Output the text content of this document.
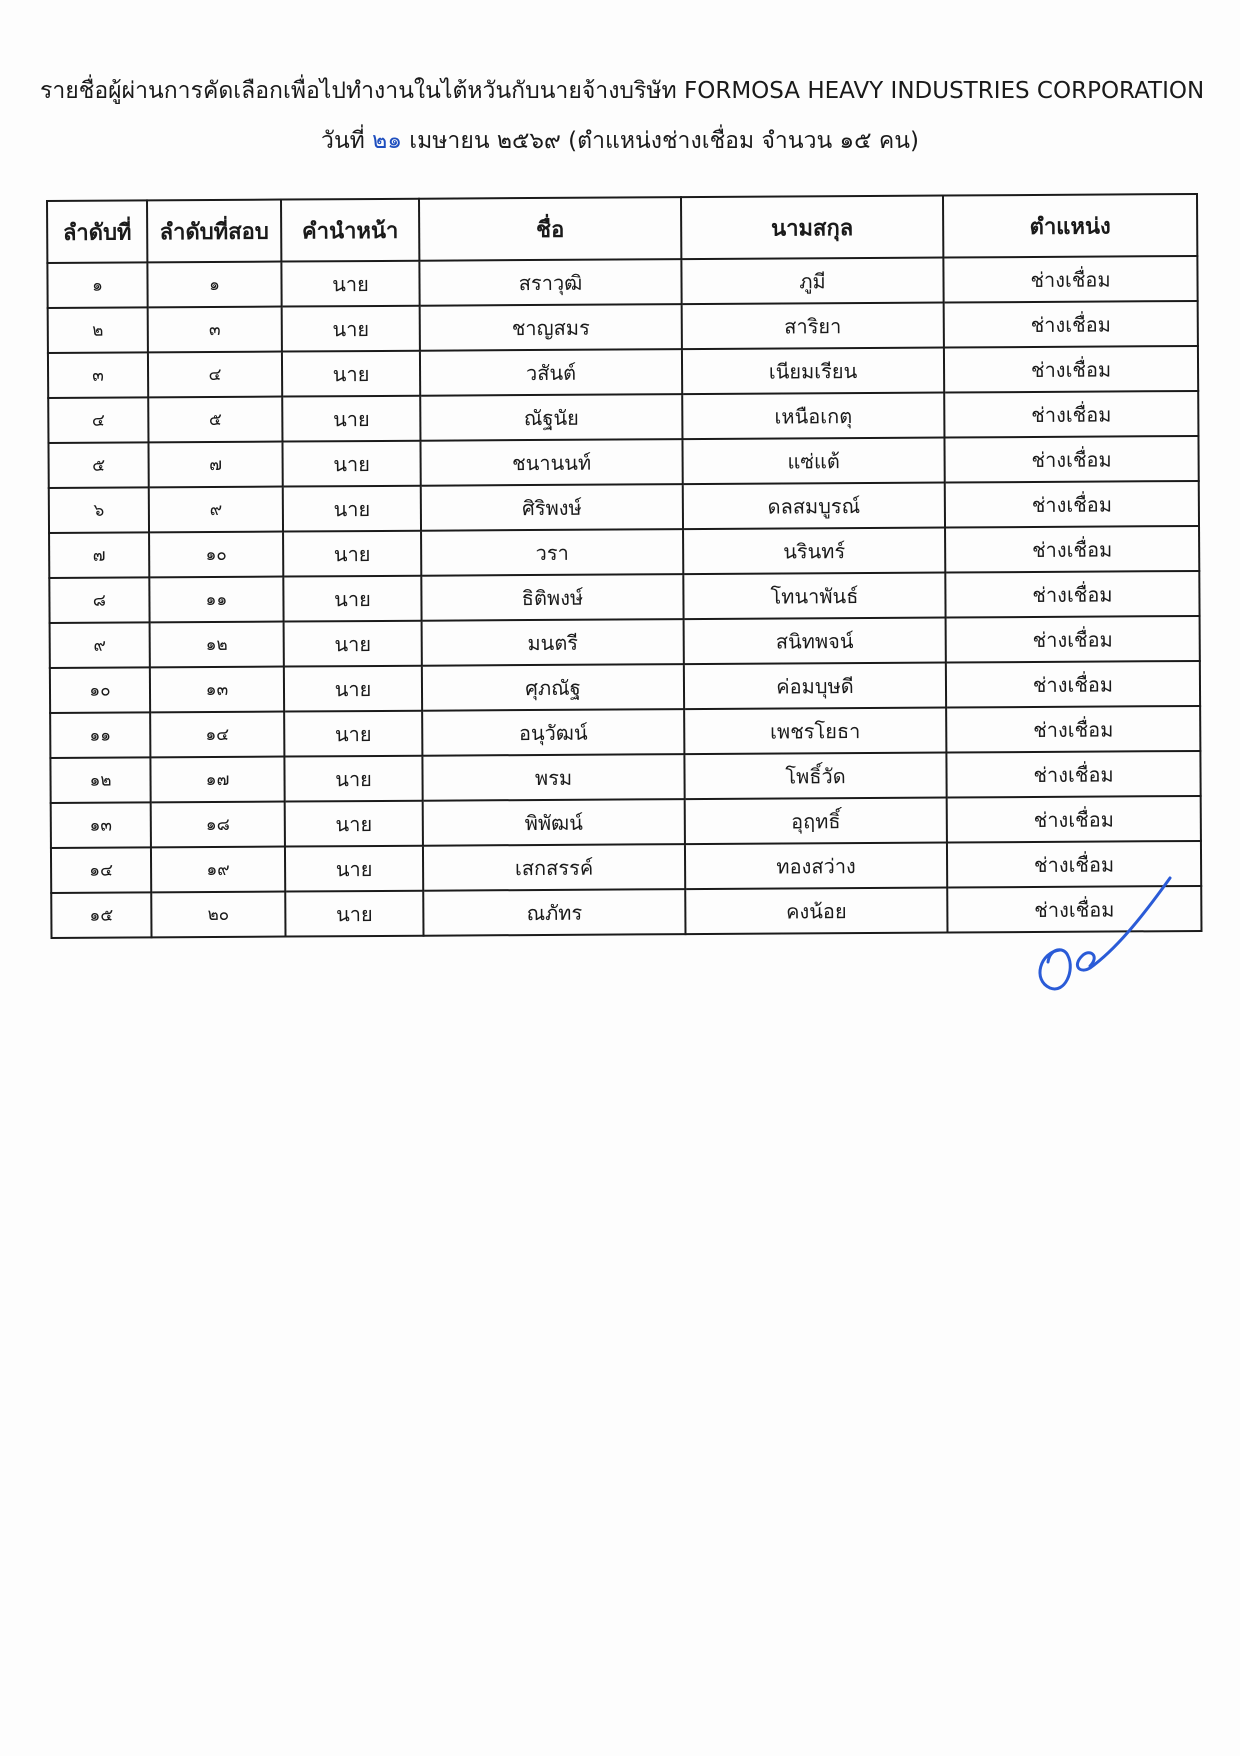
รายชื่อผู้ผ่านการคัดเลือกเพื่อไปทำงานในไต้หวันกับนายจ้างบริษัท FORMOSA HEAVY INDUSTRIES CORPORATION
วันที่ ๒๑ เมษายน ๒๕๖๙ (ตำแหน่งช่างเชื่อม จำนวน ๑๕ คน)
ลำดับที่	ลำดับที่สอบ	คำนำหน้า	ชื่อ	นามสกุล	ตำแหน่ง
๑	๑	นาย	สราวุฒิ	ภูมี	ช่างเชื่อม
๒	๓	นาย	ชาญสมร	สาริยา	ช่างเชื่อม
๓	๔	นาย	วสันต์	เนียมเรียน	ช่างเชื่อม
๔	๕	นาย	ณัฐนัย	เหนือเกตุ	ช่างเชื่อม
๕	๗	นาย	ชนานนท์	แซ่แต้	ช่างเชื่อม
๖	๙	นาย	ศิริพงษ์	ดลสมบูรณ์	ช่างเชื่อม
๗	๑๐	นาย	วรา	นรินทร์	ช่างเชื่อม
๘	๑๑	นาย	ธิติพงษ์	โทนาพันธ์	ช่างเชื่อม
๙	๑๒	นาย	มนตรี	สนิทพจน์	ช่างเชื่อม
๑๐	๑๓	นาย	ศุภณัฐ	ค่อมบุษดี	ช่างเชื่อม
๑๑	๑๔	นาย	อนุวัฒน์	เพชรโยธา	ช่างเชื่อม
๑๒	๑๗	นาย	พรม	โพธิ์วัด	ช่างเชื่อม
๑๓	๑๘	นาย	พิพัฒน์	อุฤทธิ์	ช่างเชื่อม
๑๔	๑๙	นาย	เสกสรรค์	ทองสว่าง	ช่างเชื่อม
๑๕	๒๐	นาย	ณภัทร	คงน้อย	ช่างเชื่อม
